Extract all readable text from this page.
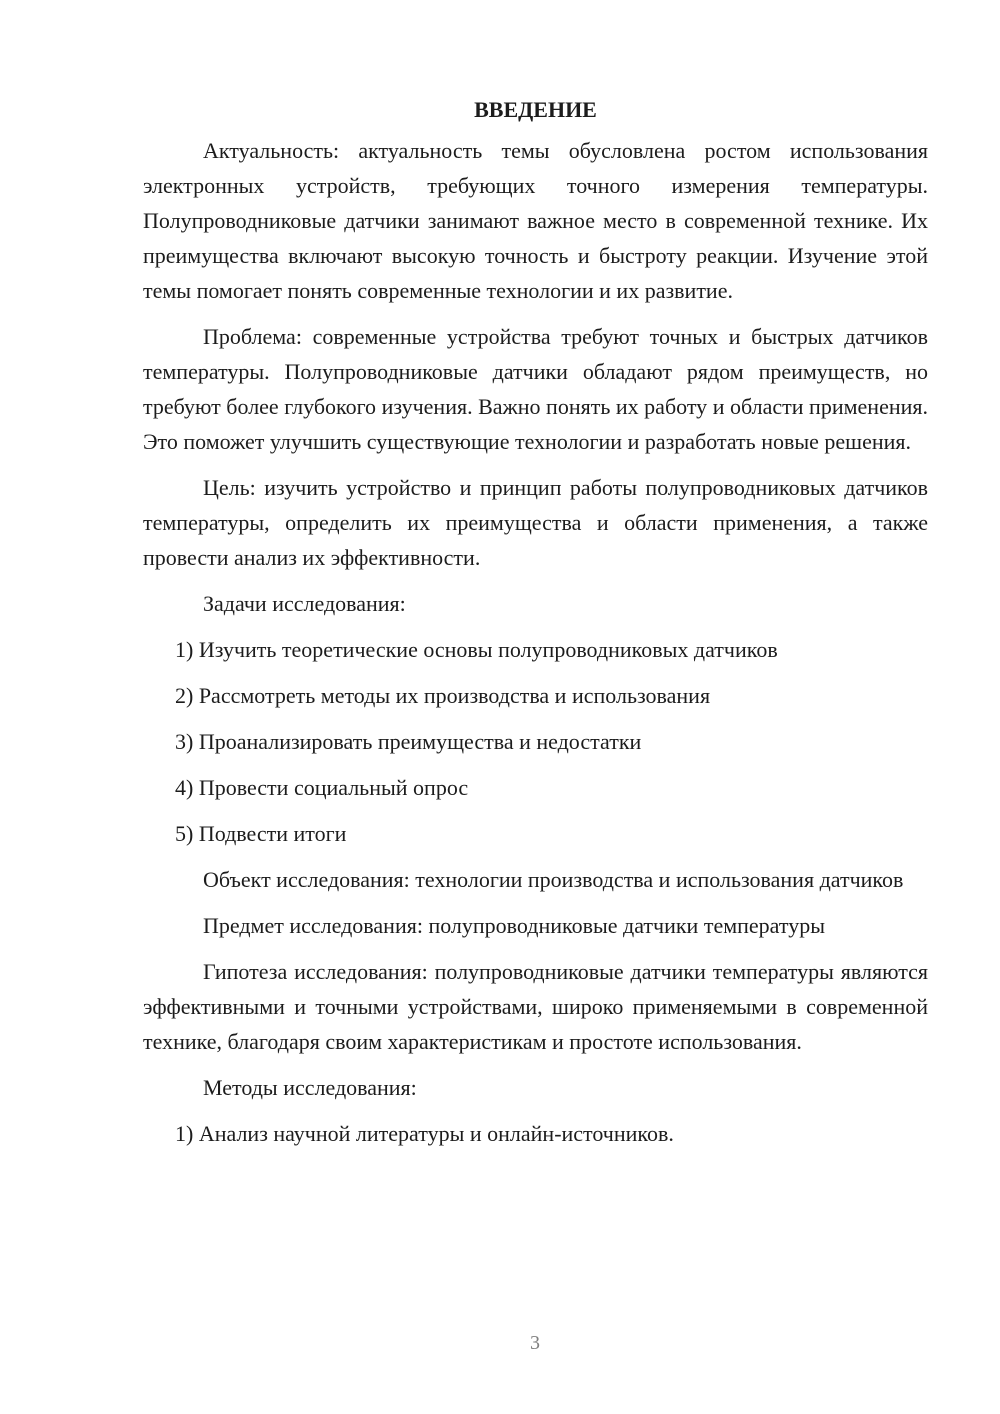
ВВЕДЕНИЕ

Актуальность: актуальность темы обусловлена ростом использования электронных устройств, требующих точного измерения температуры. Полупроводниковые датчики занимают важное место в современной технике. Их преимущества включают высокую точность и быстроту реакции. Изучение этой темы помогает понять современные технологии и их развитие.

Проблема: современные устройства требуют точных и быстрых датчиков температуры. Полупроводниковые датчики обладают рядом преимуществ, но требуют более глубокого изучения. Важно понять их работу и области применения. Это поможет улучшить существующие технологии и разработать новые решения.

Цель: изучить устройство и принцип работы полупроводниковых датчиков температуры, определить их преимущества и области применения, а также провести анализ их эффективности.

Задачи исследования:

1) Изучить теоретические основы полупроводниковых датчиков

2) Рассмотреть методы их производства и использования

3) Проанализировать преимущества и недостатки

4) Провести социальный опрос

5) Подвести итоги

Объект исследования: технологии производства и использования датчиков

Предмет исследования: полупроводниковые датчики температуры

Гипотеза исследования: полупроводниковые датчики температуры являются эффективными и точными устройствами, широко применяемыми в современной технике, благодаря своим характеристикам и простоте использования.

Методы исследования:

1) Анализ научной литературы и онлайн-источников.

3
